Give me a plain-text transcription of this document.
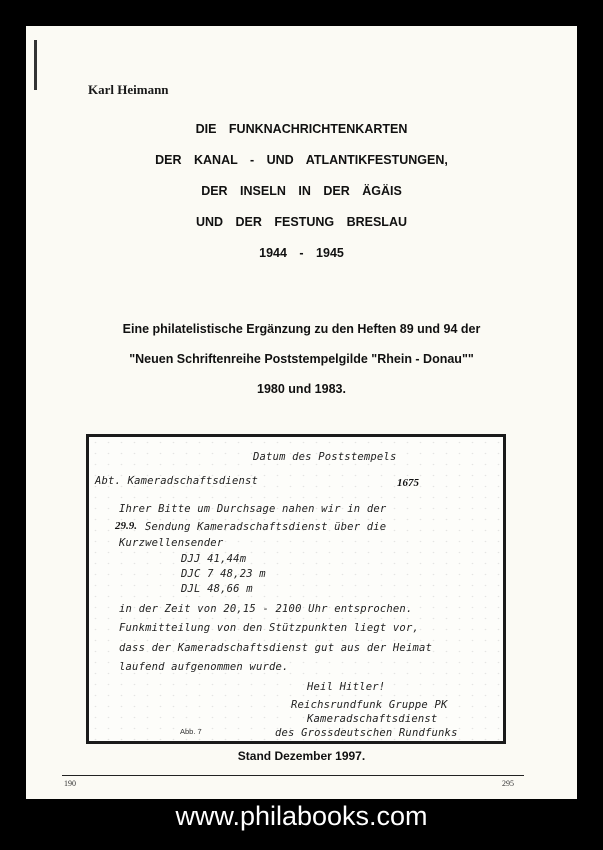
Karl Heimann
DIE FUNKNACHRICHTENKARTEN
DER KANAL - UND ATLANTIKFESTUNGEN,
DER INSELN IN DER ÄGÄIS
UND DER FESTUNG BRESLAU
1944 - 1945
Eine philatelistische Ergänzung zu den Heften 89 und 94 der
"Neuen Schriftenreihe Poststempelgilde "Rhein - Donau""
1980 und 1983.
Datum des Poststempels
1675
Abt. Kameradschaftsdienst
Ihrer Bitte um Durchsage nahen wir in der
29.9. Sendung Kameradschaftsdienst über die
Kurzwellensender
DJJ 41,44m
DJC 7 48,23 m
DJL 48,66 m
in der Zeit von 20,15 - 2100 Uhr entsprochen.
Funkmitteilung von den Stützpunkten liegt vor,
dass der Kameradschaftsdienst gut aus der Heimat
laufend aufgenommen wurde.
Heil Hitler!
Reichsrundfunk Gruppe PK
Kameradschaftsdienst
des Grossdeutschen Rundfunks
Abb. 7
Stand Dezember 1997.
190	295
www.philabooks.com
